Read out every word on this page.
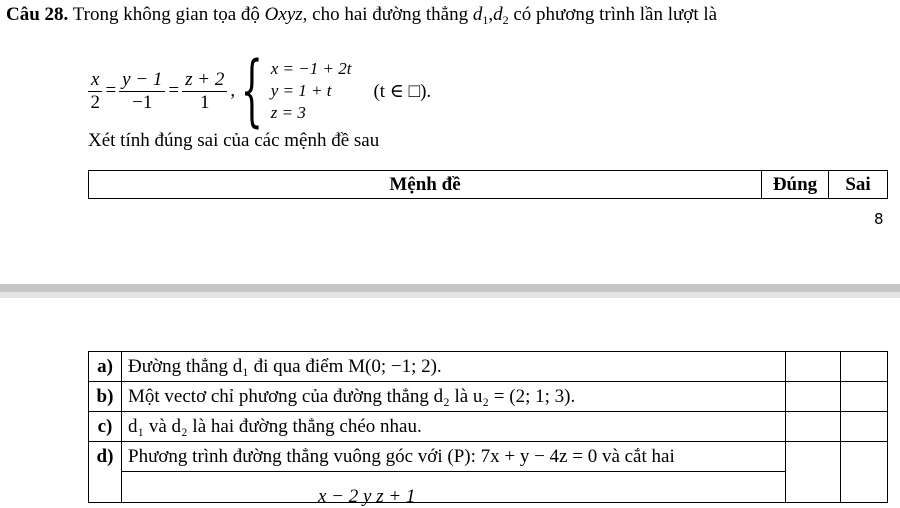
Câu 28. Trong không gian tọa độ Oxyz, cho hai đường thẳng $d_1,d_2$ có phương trình lần lượt là
$\frac{x}{2} = \frac{y - 1}{-1} = \frac{z + 2}{1}$ , { x = −1 + 2t
y = 1 + t
z = 3
(t ∈ □).
Xét tính đúng sai của các mệnh đề sau
Mệnh đề	Đúng	Sai
8
a)	Đường thẳng d₁ đi qua điểm M(0; −1; 2).		
b)	Một vectơ chỉ phương của đường thẳng d₂ là u₂ = (2; 1; 3).		
c)	d₁ và d₂ là hai đường thẳng chéo nhau.		
d)	Phương trình đường thẳng vuông góc với (P): 7x + y − 4z = 0 và cắt hai		

x − 2 y z + 1
